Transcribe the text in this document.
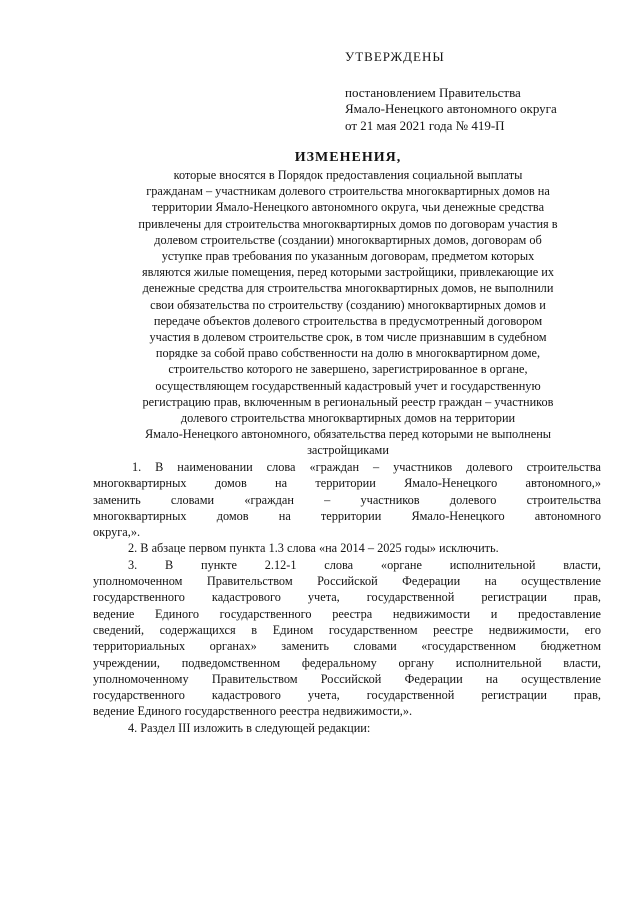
УТВЕРЖДЕНЫ
постановлением Правительства
Ямало-Ненецкого автономного округа
от 21 мая 2021 года № 419-П
ИЗМЕНЕНИЯ,
которые вносятся в Порядок предоставления социальной выплаты
гражданам – участникам долевого строительства многоквартирных домов на
территории Ямало-Ненецкого автономного округа, чьи денежные средства
привлечены для строительства многоквартирных домов по договорам участия в
долевом строительстве (создании) многоквартирных домов, договорам об
уступке прав требования по указанным договорам, предметом которых
являются жилые помещения, перед которыми застройщики, привлекающие их
денежные средства для строительства многоквартирных домов, не выполнили
свои обязательства по строительству (созданию) многоквартирных домов и
передаче объектов долевого строительства в предусмотренный договором
участия в долевом строительстве срок, в том числе признавшим в судебном
порядке за собой право собственности на долю в многоквартирном доме,
строительство которого не завершено, зарегистрированное в органе,
осуществляющем государственный кадастровый учет и государственную
регистрацию прав, включенным в региональный реестр граждан – участников
долевого строительства многоквартирных домов на территории
Ямало-Ненецкого автономного, обязательства перед которыми не выполнены
застройщиками
1. В наименовании слова «граждан – участников долевого строительства
многоквартирных домов на территории Ямало-Ненецкого автономного,»
заменить словами «граждан – участников долевого строительства
многоквартирных домов на территории Ямало-Ненецкого автономного
округа,».
2. В абзаце первом пункта 1.3 слова «на 2014 – 2025 годы» исключить.
3. В пункте 2.12-1 слова «органе исполнительной власти,
уполномоченном Правительством Российской Федерации на осуществление
государственного кадастрового учета, государственной регистрации прав,
ведение Единого государственного реестра недвижимости и предоставление
сведений, содержащихся в Едином государственном реестре недвижимости, его
территориальных органах» заменить словами «государственном бюджетном
учреждении, подведомственном федеральному органу исполнительной власти,
уполномоченному Правительством Российской Федерации на осуществление
государственного кадастрового учета, государственной регистрации прав,
ведение Единого государственного реестра недвижимости,».
4. Раздел III изложить в следующей редакции:
